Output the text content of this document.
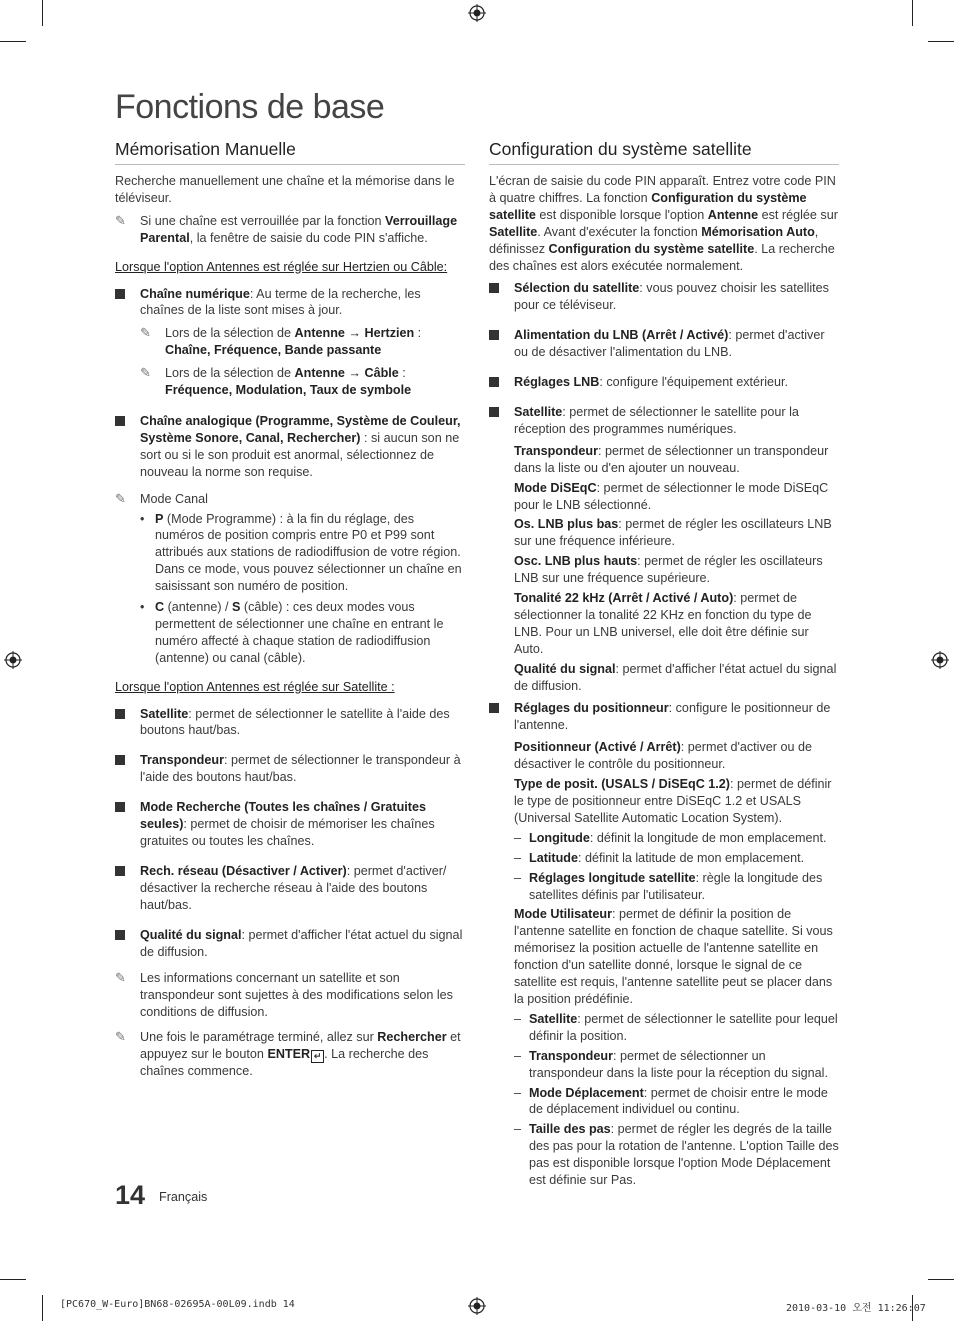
Fonctions de base
Mémorisation Manuelle

Recherche manuellement une chaîne et la mémorise dans le téléviseur.

✎ Si une chaîne est verrouillée par la fonction Verrouillage Parental, la fenêtre de saisie du code PIN s'affiche.
Lorsque l'option Antennes est réglée sur Hertzien ou Câble:
Chaîne numérique: Au terme de la recherche, les chaînes de la liste sont mises à jour.
✎ Lors de la sélection de Antenne → Hertzien : Chaîne, Fréquence, Bande passante
✎ Lors de la sélection de Antenne → Câble : Fréquence, Modulation, Taux de symbole
Chaîne analogique (Programme, Système de Couleur, Système Sonore, Canal, Rechercher) : si aucun son ne sort ou si le son produit est anormal, sélectionnez de nouveau la norme son requise.
✎ Mode Canal
• P (Mode Programme) : à la fin du réglage, des numéros de position compris entre P0 et P99 sont attribués aux stations de radiodiffusion de votre région. Dans ce mode, vous pouvez sélectionner un chaîne en saisissant son numéro de position.
• C (antenne) / S (câble) : ces deux modes vous permettent de sélectionner une chaîne en entrant le numéro affecté à chaque station de radiodiffusion (antenne) ou canal (câble).
Lorsque l'option Antennes est réglée sur Satellite :
Satellite: permet de sélectionner le satellite à l'aide des boutons haut/bas.
Transpondeur: permet de sélectionner le transpondeur à l'aide des boutons haut/bas.
Mode Recherche (Toutes les chaînes / Gratuites seules): permet de choisir de mémoriser les chaînes gratuites ou toutes les chaînes.
Rech. réseau (Désactiver / Activer): permet d'activer/ désactiver la recherche réseau à l'aide des boutons haut/bas.
Qualité du signal: permet d'afficher l'état actuel du signal de diffusion.
✎ Les informations concernant un satellite et son transpondeur sont sujettes à des modifications selon les conditions de diffusion.
✎ Une fois le paramétrage terminé, allez sur Rechercher et appuyez sur le bouton ENTER ↵ . La recherche des chaînes commence.
Configuration du système satellite

L'écran de saisie du code PIN apparaît. Entrez votre code PIN à quatre chiffres. La fonction Configuration du système satellite est disponible lorsque l'option Antenne est réglée sur Satellite. Avant d'exécuter la fonction Mémorisation Auto, définissez Configuration du système satellite. La recherche des chaînes est alors exécutée normalement.

Sélection du satellite: vous pouvez choisir les satellites pour ce téléviseur.
Alimentation du LNB (Arrêt / Activé): permet d'activer ou de désactiver l'alimentation du LNB.
Réglages LNB: configure l'équipement extérieur.
Satellite: permet de sélectionner le satellite pour la réception des programmes numériques.
Transpondeur: permet de sélectionner un transpondeur dans la liste ou d'en ajouter un nouveau.
Mode DiSEqC: permet de sélectionner le mode DiSEqC pour le LNB sélectionné.
Os. LNB plus bas: permet de régler les oscillateurs LNB sur une fréquence inférieure.
Osc. LNB plus hauts: permet de régler les oscillateurs LNB sur une fréquence supérieure.
Tonalité 22 kHz (Arrêt / Activé / Auto): permet de sélectionner la tonalité 22 KHz en fonction du type de LNB. Pour un LNB universel, elle doit être définie sur Auto.
Qualité du signal: permet d'afficher l'état actuel du signal de diffusion.
Réglages du positionneur: configure le positionneur de l'antenne.
Positionneur (Activé / Arrêt): permet d'activer ou de désactiver le contrôle du positionneur.
Type de posit. (USALS / DiSEqC 1.2): permet de définir le type de positionneur entre DiSEqC 1.2 et USALS (Universal Satellite Automatic Location System).
– Longitude: définit la longitude de mon emplacement.
– Latitude: définit la latitude de mon emplacement.
– Réglages longitude satellite: règle la longitude des satellites définis par l'utilisateur.
Mode Utilisateur: permet de définir la position de l'antenne satellite en fonction de chaque satellite. Si vous mémorisez la position actuelle de l'antenne satellite en fonction d'un satellite donné, lorsque le signal de ce satellite est requis, l'antenne satellite peut se placer dans la position prédéfinie.
– Satellite: permet de sélectionner le satellite pour lequel définir la position.
– Transpondeur: permet de sélectionner un transpondeur dans la liste pour la réception du signal.
– Mode Déplacement: permet de choisir entre le mode de déplacement individuel ou continu.
– Taille des pas: permet de régler les degrés de la taille des pas pour la rotation de l'antenne. L'option Taille des pas est disponible lorsque l'option Mode Déplacement est définie sur Pas.
14 Français
[PC670_W-Euro]BN68-02695A-00L09.indb 14	2010-03-10 오전 11:26:07
